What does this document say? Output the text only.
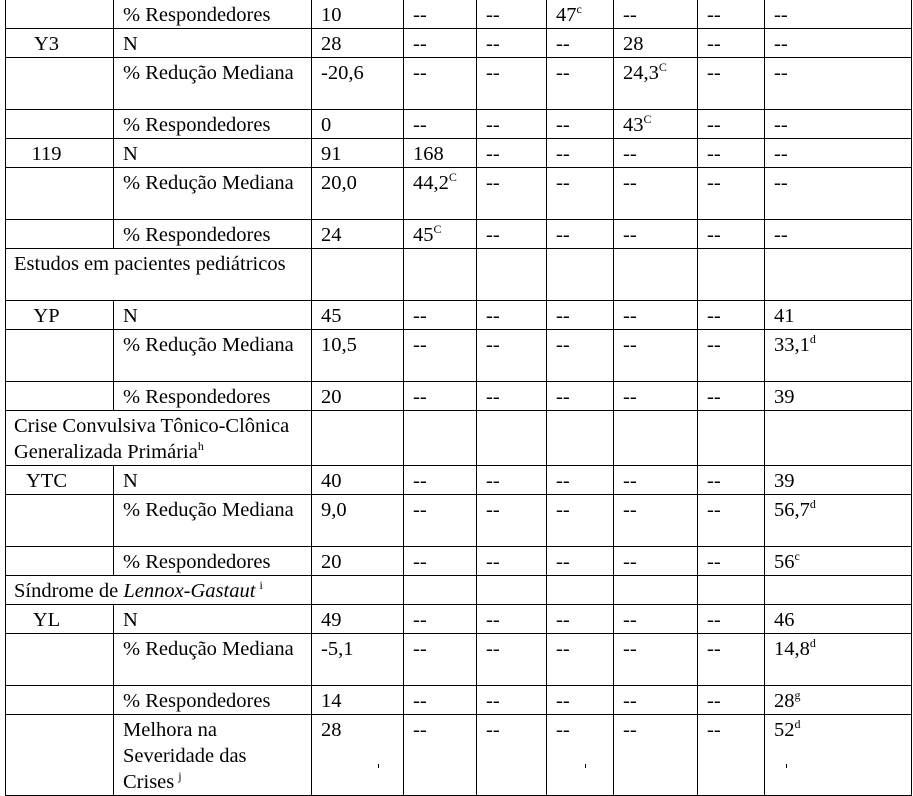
	% Respondedores	10	--	--	47$^c$	--	--	--
Y3	N	28	--	--	--	28	--	--
	% Redução Mediana	-20,6	--	--	--	$24,3^C$	--	--
	% Respondedores	0	--	--	--	$43^C$	--	--
119	N	91	168	--	--	--	--	--
	% Redução Mediana	20,0	$44,2^C$	--	--	--	--	--
	% Respondedores	24	$45^C$	--	--	--	--	--
Estudos em pacientes pediátricos								
YP	N	45	--	--	--	--	--	41
	% Redução Mediana	10,5	--	--	--	--	--	33,1$^d$
	% Respondedores	20	--	--	--	--	--	39
Crise Convulsiva Tônico-Clônica Generalizada Primária$^h$							
YTC	N	40	--	--	--	--	--	39
	% Redução Mediana	9,0	--	--	--	--	--	56,7$^d$
	% Respondedores	20	--	--	--	--	--	56$^c$
Síndrome de Lennox-Gastaut $^i$							
YL	N	49	--	--	--	--	--	46
	% Redução Mediana	-5,1	--	--	--	--	--	14,8$^d$
	% Respondedores	14	--	--	--	--	--	28$^g$
	Melhora na Severidade das Crises $^j$	28	--	--	--	--	--	52$^d$
